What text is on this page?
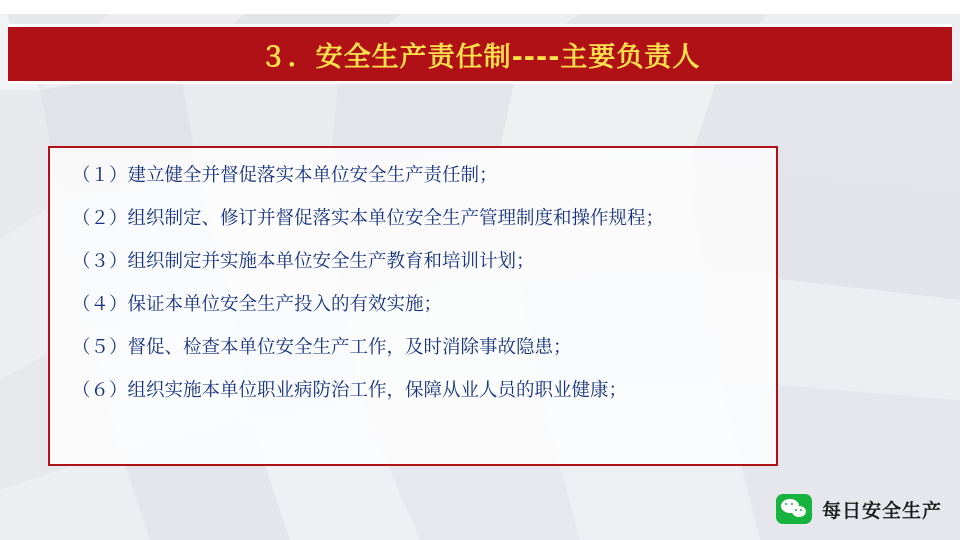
３．安全生产责任制----主要负责人

（１）建立健全并督促落实本单位安全生产责任制；

（２）组织制定、修订并督促落实本单位安全生产管理制度和操作规程；

（３）组织制定并实施本单位安全生产教育和培训计划；

（４）保证本单位安全生产投入的有效实施；

（５）督促、检查本单位安全生产工作，及时消除事故隐患；

（６）组织实施本单位职业病防治工作，保障从业人员的职业健康；

每日安全生产
